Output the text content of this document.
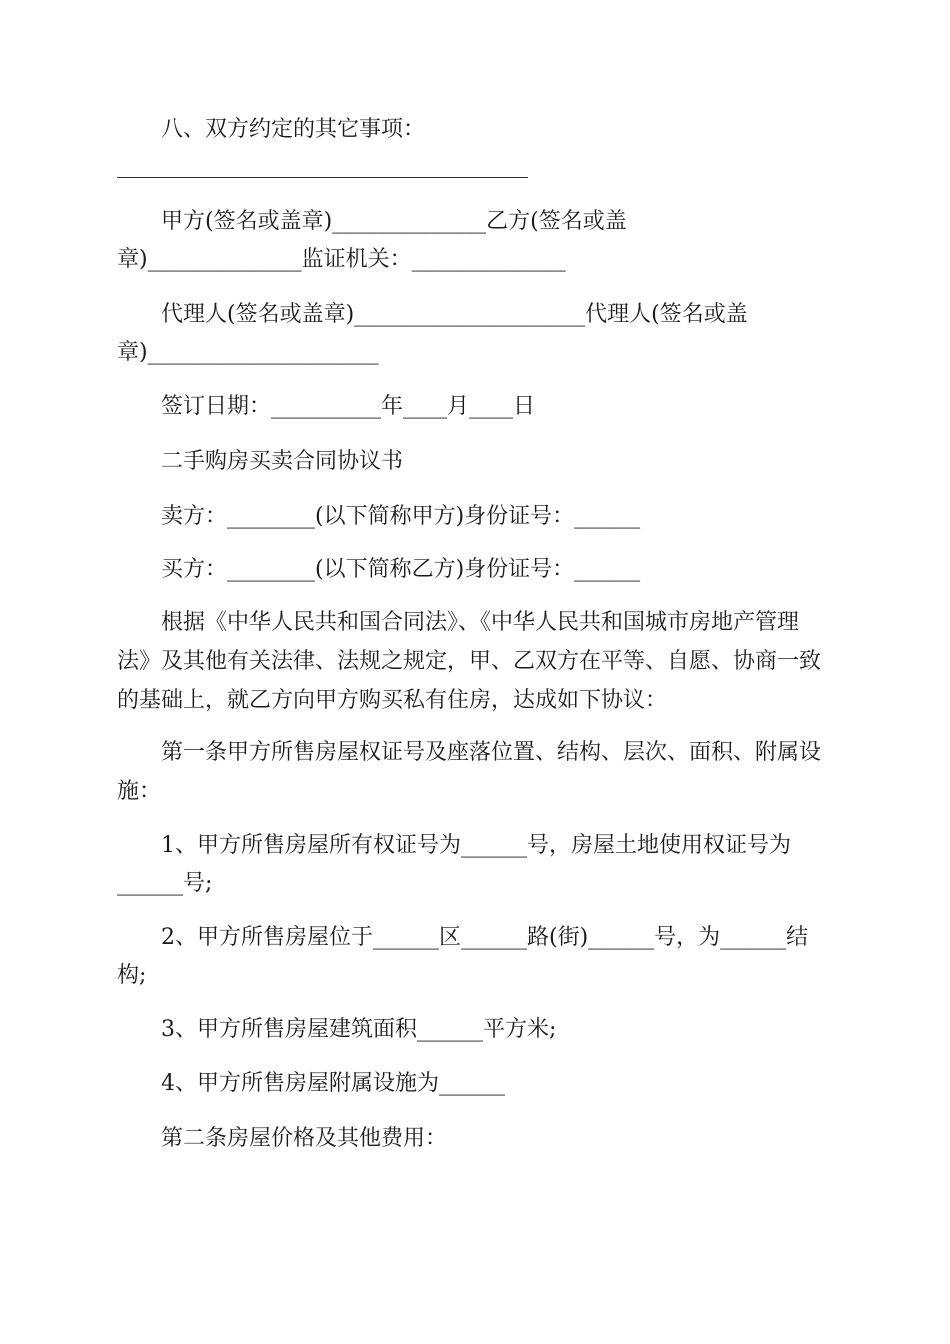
八、双方约定的其它事项：
甲方(签名或盖章)______________乙方(签名或盖
章)______________监证机关：______________
代理人(签名或盖章)_____________________代理人(签名或盖
章)_____________________
签订日期：__________年____月____日
二手购房买卖合同协议书
卖方：________(以下简称甲方)身份证号：______
买方：________(以下简称乙方)身份证号：______
根据《中华人民共和国合同法》、《中华人民共和国城市房地产管理
法》及其他有关法律、法规之规定，甲、乙双方在平等、自愿、协商一致
的基础上，就乙方向甲方购买私有住房，达成如下协议：
第一条甲方所售房屋权证号及座落位置、结构、层次、面积、附属设
施：
1、甲方所售房屋所有权证号为______号，房屋土地使用权证号为
______号;
2、甲方所售房屋位于______区______路(街)______号，为______结
构;
3、甲方所售房屋建筑面积______平方米;
4、甲方所售房屋附属设施为______
第二条房屋价格及其他费用：
